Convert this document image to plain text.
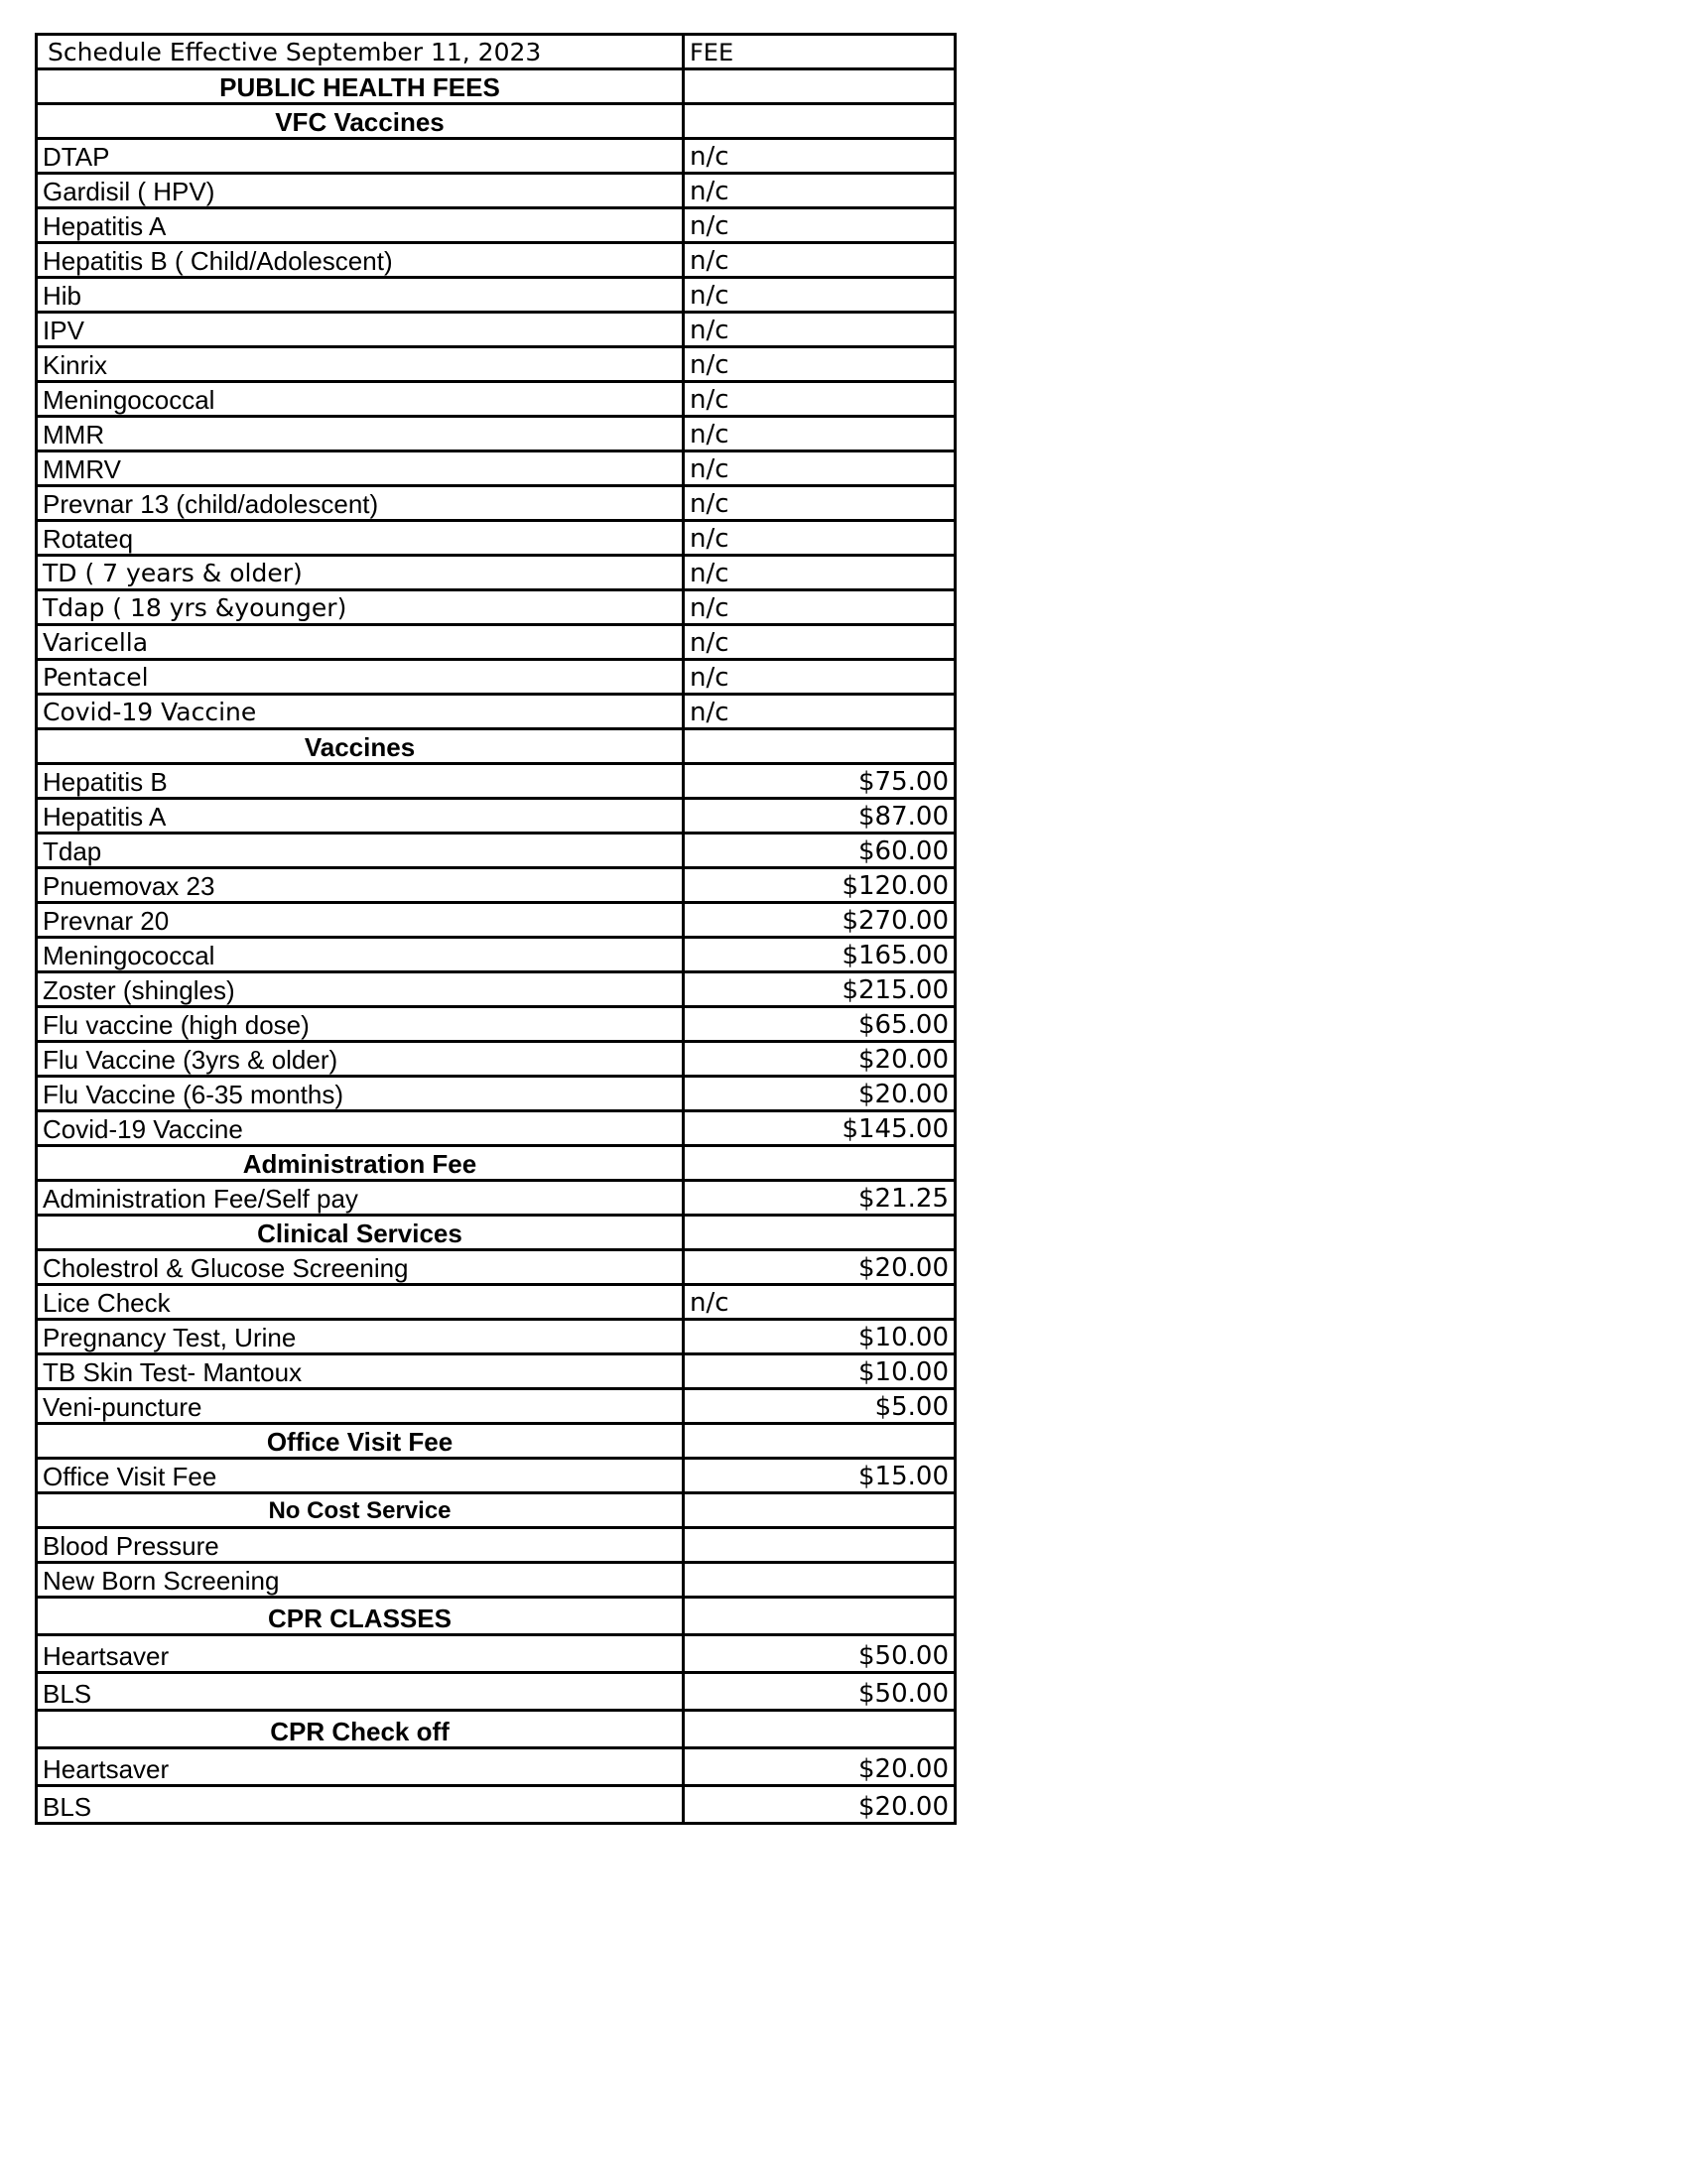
Schedule Effective September 11, 2023	FEE
PUBLIC HEALTH FEES	
VFC Vaccines	
DTAP	n/c
Gardisil ( HPV)	n/c
Hepatitis A	n/c
Hepatitis B ( Child/Adolescent)	n/c
Hib	n/c
IPV	n/c
Kinrix	n/c
Meningococcal	n/c
MMR	n/c
MMRV	n/c
Prevnar 13 (child/adolescent)	n/c
Rotateq	n/c
TD ( 7 years & older)	n/c
Tdap ( 18 yrs &younger)	n/c
Varicella	n/c
Pentacel	n/c
Covid-19 Vaccine	n/c
Vaccines	
Hepatitis B	$75.00
Hepatitis A	$87.00
Tdap	$60.00
Pnuemovax 23	$120.00
Prevnar 20	$270.00
Meningococcal	$165.00
Zoster (shingles)	$215.00
Flu vaccine (high dose)	$65.00
Flu Vaccine (3yrs & older)	$20.00
Flu Vaccine (6-35 months)	$20.00
Covid-19 Vaccine	$145.00
Administration Fee	
Administration Fee/Self pay	$21.25
Clinical Services	
Cholestrol & Glucose Screening	$20.00
Lice Check	n/c
Pregnancy Test, Urine	$10.00
TB Skin Test- Mantoux	$10.00
Veni-puncture	$5.00
Office Visit Fee	
Office Visit Fee	$15.00
No Cost Service	
Blood Pressure	
New Born Screening	
CPR CLASSES	
Heartsaver	$50.00
BLS	$50.00
CPR Check off	
Heartsaver	$20.00
BLS	$20.00
